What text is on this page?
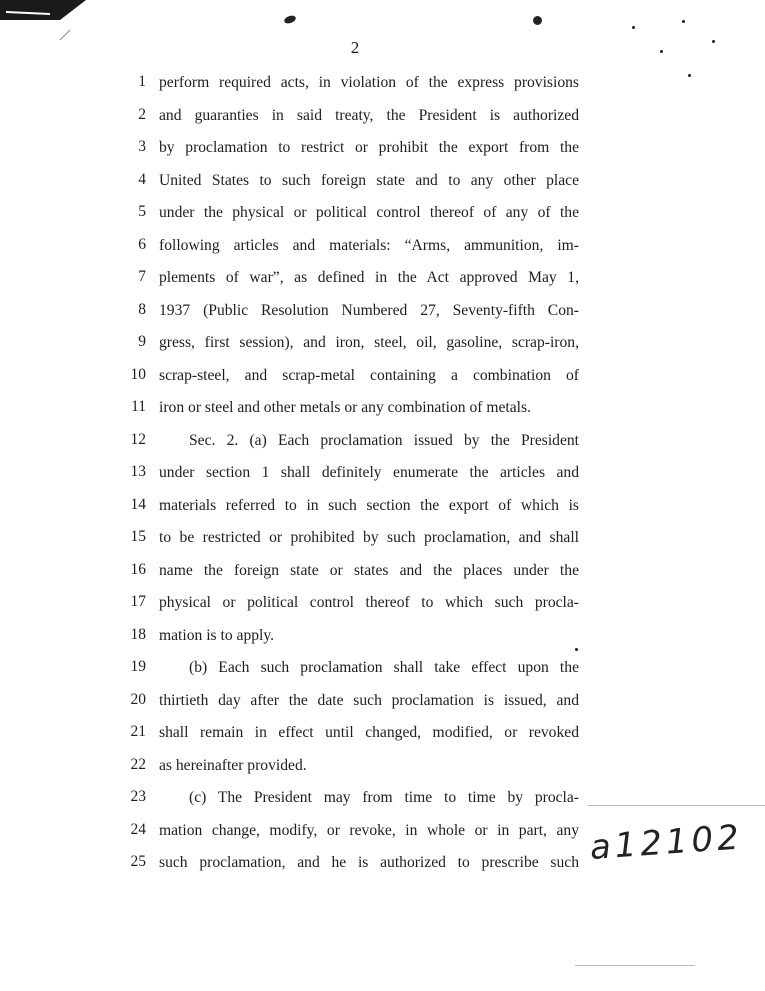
2
1 perform required acts, in violation of the express provisions
2 and guaranties in said treaty, the President is authorized
3 by proclamation to restrict or prohibit the export from the
4 United States to such foreign state and to any other place
5 under the physical or political control thereof of any of the
6 following articles and materials: “Arms, ammunition, im-
7 plements of war”, as defined in the Act approved May 1,
8 1937 (Public Resolution Numbered 27, Seventy-fifth Con-
9 gress, first session), and iron, steel, oil, gasoline, scrap-iron,
10 scrap-steel, and scrap-metal containing a combination of
11 iron or steel and other metals or any combination of metals.
12	Sec. 2. (a) Each proclamation issued by the President
13 under section 1 shall definitely enumerate the articles and
14 materials referred to in such section the export of which is
15 to be restricted or prohibited by such proclamation, and shall
16 name the foreign state or states and the places under the
17 physical or political control thereof to which such procla-
18 mation is to apply.
19	(b) Each such proclamation shall take effect upon the
20 thirtieth day after the date such proclamation is issued, and
21 shall remain in effect until changed, modified, or revoked
22 as hereinafter provided.
23	(c) The President may from time to time by procla-
24 mation change, modify, or revoke, in whole or in part, any
25 such proclamation, and he is authorized to prescribe such a12102
